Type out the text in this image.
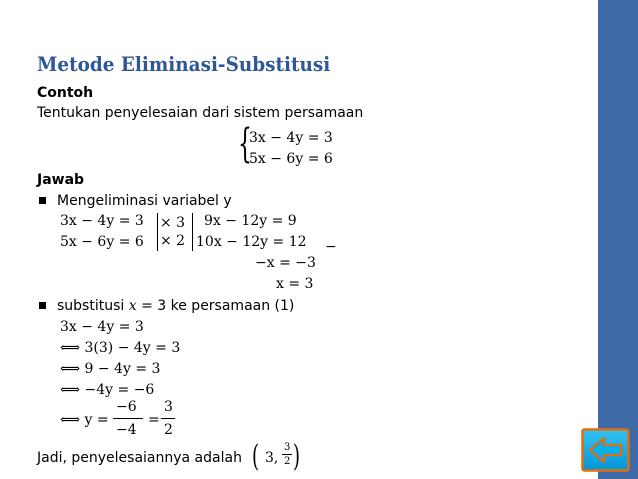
Metode Eliminasi-Substitusi
Contoh
Tentukan penyelesaian dari sistem persamaan
{
3x − 4y = 3
5x − 6y = 6
Jawab
Mengeliminasi variabel y
3x − 4y = 3
5x − 6y = 6
× 3
× 2
9x − 12y = 9
10x − 12y = 12 −
−x = −3
x = 3
substitusi x = 3 ke persamaan (1)
3x − 4y = 3
⟺ 3(3) − 4y = 3
⟺ 9 − 4y = 3
⟺ −4y = −6
⟺ y =
−6
−4
=
3
2
Jadi, penyelesaiannya adalah ( 3,
3
2 )
